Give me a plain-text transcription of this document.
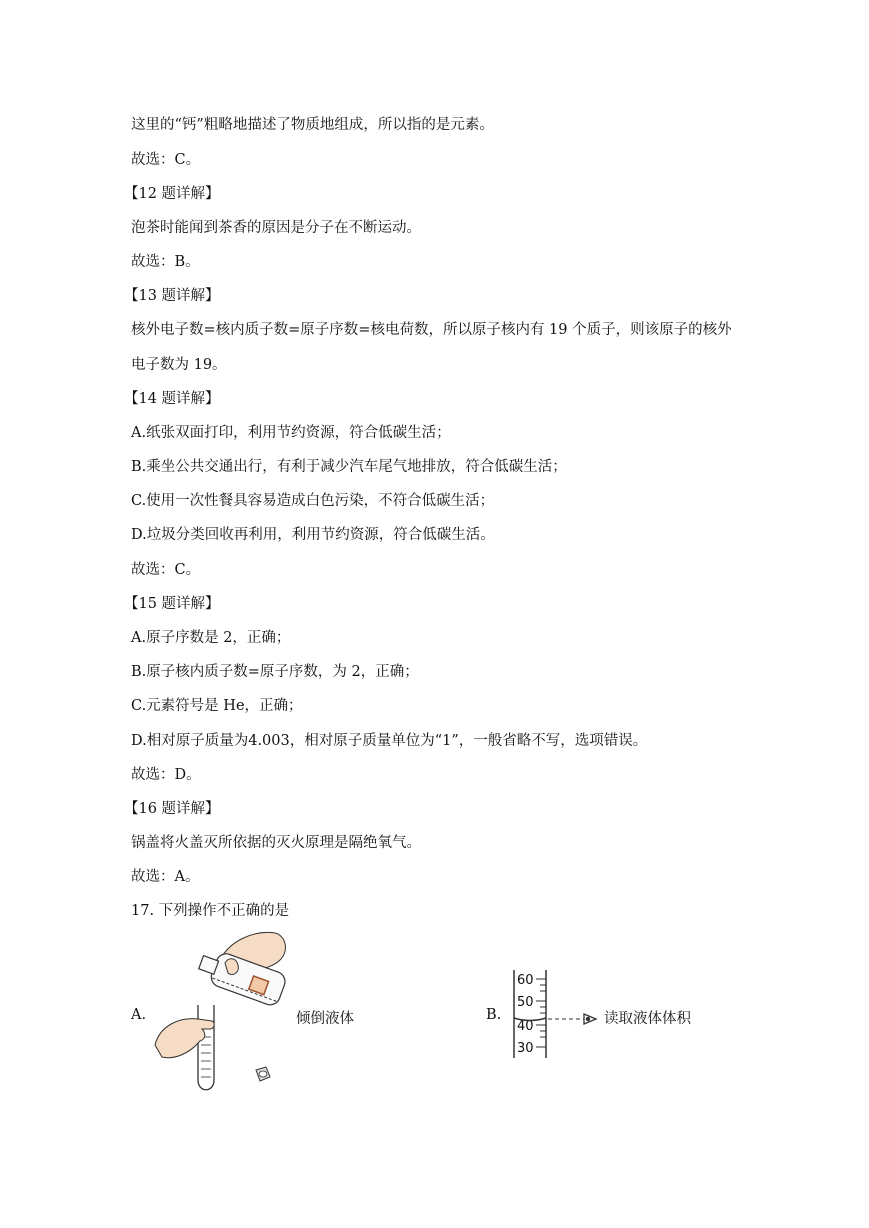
这里的“钙”粗略地描述了物质地组成，所以指的是元素。
故选：C。
【12 题详解】
泡茶时能闻到茶香的原因是分子在不断运动。
故选：B。
【13 题详解】
核外电子数=核内质子数=原子序数=核电荷数，所以原子核内有 19 个质子，则该原子的核外
电子数为 19。
【14 题详解】
A.纸张双面打印，利用节约资源，符合低碳生活；
B.乘坐公共交通出行，有利于减少汽车尾气地排放，符合低碳生活；
C.使用一次性餐具容易造成白色污染，不符合低碳生活；
D.垃圾分类回收再利用，利用节约资源，符合低碳生活。
故选：C。
【15 题详解】
A.原子序数是 2，正确；
B.原子核内质子数=原子序数，为 2，正确；
C.元素符号是 He，正确；
D.相对原子质量为4.003，相对原子质量单位为“1”，一般省略不写，选项错误。
故选：D。
【16 题详解】
锅盖将火盖灭所依据的灭火原理是隔绝氧气。
故选：A。
17. 下列操作不正确的是
A.	倾倒液体	B.
60
50
40
30
读取液体体积
